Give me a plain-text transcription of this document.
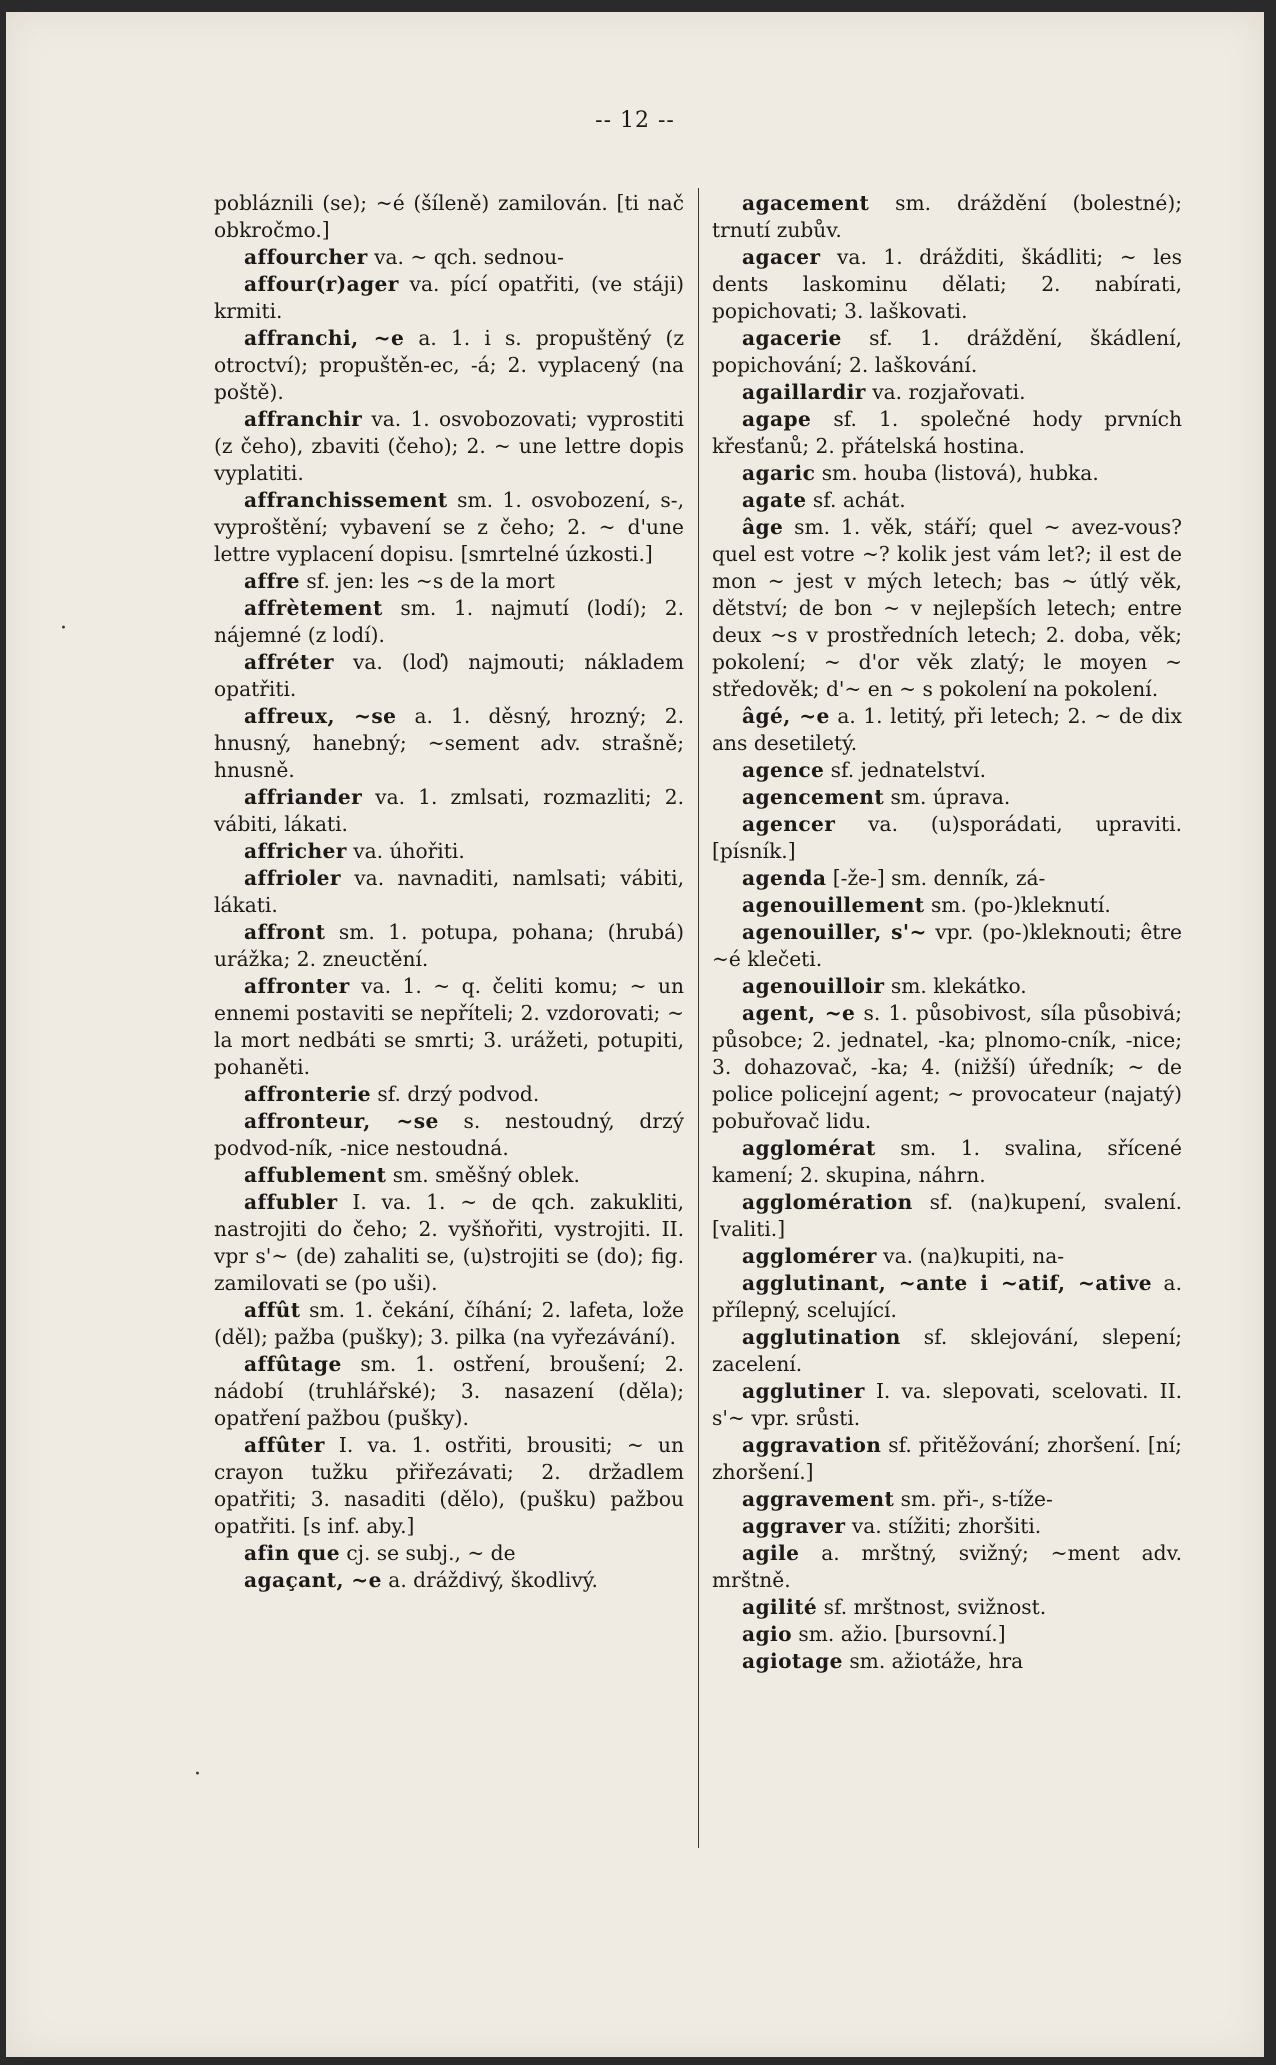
-- 12 --

pobláznili (se); ~é (šíleně) zamilován. [ti nač obkročmo.]

affourcher va. ~ qch. sednou-

affour(r)ager va. pící opatřiti, (ve stáji) krmiti.

affranchi, ~e a. 1. i s. propuštěný (z otroctví); propuštěn-ec, -á; 2. vyplacený (na poště).

affranchir va. 1. osvobozovati; vyprostiti (z čeho), zbaviti (čeho); 2. ~ une lettre dopis vyplatiti.

affranchissement sm. 1. osvobození, s-, vyproštění; vybavení se z čeho; 2. ~ d'une lettre vyplacení dopisu. [smrtelné úzkosti.]

affre sf. jen: les ~s de la mort

affrètement sm. 1. najmutí (lodí); 2. nájemné (z lodí).

affréter va. (loď) najmouti; nákladem opatřiti.

affreux, ~se a. 1. děsný, hrozný; 2. hnusný, hanebný; ~sement adv. strašně; hnusně.

affriander va. 1. zmlsati, rozmazliti; 2. vábiti, lákati.

affricher va. úhořiti.

affrioler va. navnaditi, namlsati; vábiti, lákati.

affront sm. 1. potupa, pohana; (hrubá) urážka; 2. zneuctění.

affronter va. 1. ~ q. čeliti komu; ~ un ennemi postaviti se nepříteli; 2. vzdorovati; ~ la mort nedbáti se smrti; 3. urážeti, potupiti, pohaněti.

affronterie sf. drzý podvod.

affronteur, ~se s. nestoudný, drzý podvod-ník, -nice nestoudná.

affublement sm. směšný oblek.

affubler I. va. 1. ~ de qch. zakukliti, nastrojiti do čeho; 2. vyšňořiti, vystrojiti. II. vpr s'~ (de) zahaliti se, (u)strojiti se (do); fig. zamilovati se (po uši).

affût sm. 1. čekání, číhání; 2. lafeta, lože (děl); pažba (pušky); 3. pilka (na vyřezávání).

affûtage sm. 1. ostření, broušení; 2. nádobí (truhlářské); 3. nasazení (děla); opatření pažbou (pušky).

affûter I. va. 1. ostřiti, brousiti; ~ un crayon tužku přiřezávati; 2. držadlem opatřiti; 3. nasaditi (dělo), (pušku) pažbou opatřiti. [s inf. aby.]

afin que cj. se subj., ~ de

agaçant, ~e a. dráždivý, škodlivý.

agacement sm. dráždění (bolestné); trnutí zubův.

agacer va. 1. drážditi, škádliti; ~ les dents laskominu dělati; 2. nabírati, popichovati; 3. laškovati.

agacerie sf. 1. dráždění, škádlení, popichování; 2. laškování.

agaillardir va. rozjařovati.

agape sf. 1. společné hody prvních křesťanů; 2. přátelská hostina.

agaric sm. houba (listová), hubka.

agate sf. achát.

âge sm. 1. věk, stáří; quel ~ avez-vous? quel est votre ~? kolik jest vám let?; il est de mon ~ jest v mých letech; bas ~ útlý věk, dětství; de bon ~ v nejlepších letech; entre deux ~s v prostředních letech; 2. doba, věk; pokolení; ~ d'or věk zlatý; le moyen ~ středověk; d'~ en ~ s pokolení na pokolení.

âgé, ~e a. 1. letitý, při letech; 2. ~ de dix ans desetiletý.

agence sf. jednatelství.

agencement sm. úprava.

agencer va. (u)sporádati, upraviti. [písník.]

agenda [-že-] sm. denník, zá-

agenouillement sm. (po-)kleknutí.

agenouiller, s'~ vpr. (po-)kleknouti; être ~é klečeti.

agenouilloir sm. klekátko.

agent, ~e s. 1. působivost, síla působivá; působce; 2. jednatel, -ka; plnomo-cník, -nice; 3. dohazovač, -ka; 4. (nižší) úředník; ~ de police policejní agent; ~ provocateur (najatý) pobuřovač lidu.

agglomérat sm. 1. svalina, sřícené kamení; 2. skupina, náhrn.

agglomération sf. (na)kupení, svalení. [valiti.]

agglomérer va. (na)kupiti, na-

agglutinant, ~ante i ~atif, ~ative a. přílepný, scelující.

agglutination sf. sklejování, slepení; zacelení.

agglutiner I. va. slepovati, scelovati. II. s'~ vpr. srůsti.

aggravation sf. přitěžování; zhoršení. [ní; zhoršení.]

aggravement sm. při-, s-tíže-

aggraver va. stížiti; zhoršiti.

agile a. mrštný, svižný; ~ment adv. mrštně.

agilité sf. mrštnost, svižnost.

agio sm. ažio. [bursovní.]

agiotage sm. ažiotáže, hra

·
·
